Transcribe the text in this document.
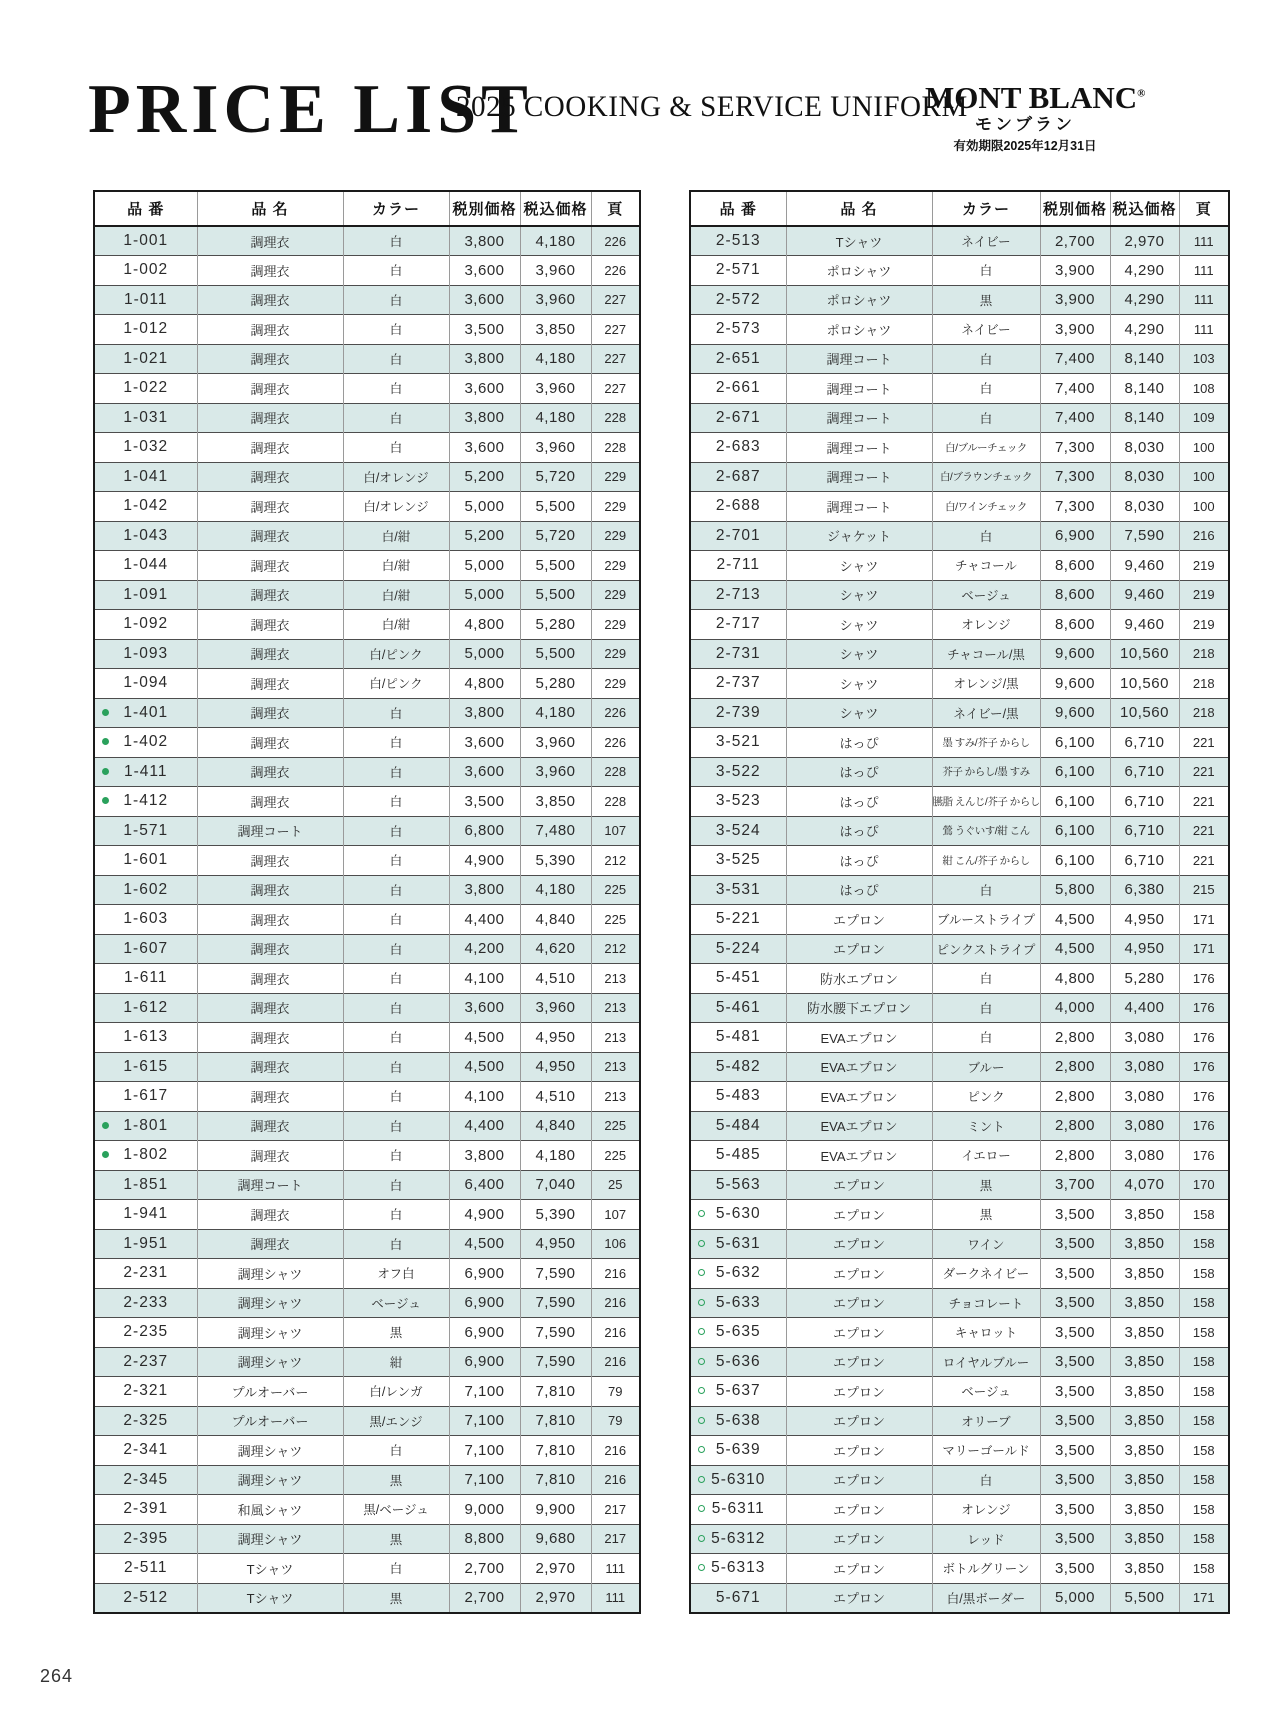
PRICE LIST
2025 COOKING & SERVICE UNIFORM
MONT BLANC®
モンブラン
有効期限2025年12月31日
品 番	品 名	カラー	税別価格	税込価格	頁
1-001	調理衣	白	3,800	4,180	226
1-002	調理衣	白	3,600	3,960	226
1-011	調理衣	白	3,600	3,960	227
1-012	調理衣	白	3,500	3,850	227
1-021	調理衣	白	3,800	4,180	227
1-022	調理衣	白	3,600	3,960	227
1-031	調理衣	白	3,800	4,180	228
1-032	調理衣	白	3,600	3,960	228
1-041	調理衣	白/オレンジ	5,200	5,720	229
1-042	調理衣	白/オレンジ	5,000	5,500	229
1-043	調理衣	白/紺	5,200	5,720	229
1-044	調理衣	白/紺	5,000	5,500	229
1-091	調理衣	白/紺	5,000	5,500	229
1-092	調理衣	白/紺	4,800	5,280	229
1-093	調理衣	白/ピンク	5,000	5,500	229
1-094	調理衣	白/ピンク	4,800	5,280	229

1-401	調理衣	白	3,800	4,180	226

1-402	調理衣	白	3,600	3,960	226

1-411	調理衣	白	3,600	3,960	228

1-412	調理衣	白	3,500	3,850	228
1-571	調理コート	白	6,800	7,480	107
1-601	調理衣	白	4,900	5,390	212
1-602	調理衣	白	3,800	4,180	225
1-603	調理衣	白	4,400	4,840	225
1-607	調理衣	白	4,200	4,620	212
1-611	調理衣	白	4,100	4,510	213
1-612	調理衣	白	3,600	3,960	213
1-613	調理衣	白	4,500	4,950	213
1-615	調理衣	白	4,500	4,950	213
1-617	調理衣	白	4,100	4,510	213

1-801	調理衣	白	4,400	4,840	225

1-802	調理衣	白	3,800	4,180	225
1-851	調理コート	白	6,400	7,040	25
1-941	調理衣	白	4,900	5,390	107
1-951	調理衣	白	4,500	4,950	106
2-231	調理シャツ	オフ白	6,900	7,590	216
2-233	調理シャツ	ベージュ	6,900	7,590	216
2-235	調理シャツ	黒	6,900	7,590	216
2-237	調理シャツ	紺	6,900	7,590	216
2-321	プルオーバー	白/レンガ	7,100	7,810	79
2-325	プルオーバー	黒/エンジ	7,100	7,810	79
2-341	調理シャツ	白	7,100	7,810	216
2-345	調理シャツ	黒	7,100	7,810	216
2-391	和風シャツ	黒/ベージュ	9,000	9,900	217
2-395	調理シャツ	黒	8,800	9,680	217
2-511	Tシャツ	白	2,700	2,970	111
2-512	Tシャツ	黒	2,700	2,970	111
品 番	品 名	カラー	税別価格	税込価格	頁
2-513	Tシャツ	ネイビー	2,700	2,970	111
2-571	ポロシャツ	白	3,900	4,290	111
2-572	ポロシャツ	黒	3,900	4,290	111
2-573	ポロシャツ	ネイビー	3,900	4,290	111
2-651	調理コート	白	7,400	8,140	103
2-661	調理コート	白	7,400	8,140	108
2-671	調理コート	白	7,400	8,140	109
2-683	調理コート	白/ブルーチェック	7,300	8,030	100
2-687	調理コート	白/ブラウンチェック	7,300	8,030	100
2-688	調理コート	白/ワインチェック	7,300	8,030	100
2-701	ジャケット	白	6,900	7,590	216
2-711	シャツ	チャコール	8,600	9,460	219
2-713	シャツ	ベージュ	8,600	9,460	219
2-717	シャツ	オレンジ	8,600	9,460	219
2-731	シャツ	チャコール/黒	9,600	10,560	218
2-737	シャツ	オレンジ/黒	9,600	10,560	218
2-739	シャツ	ネイビー/黒	9,600	10,560	218
3-521	はっぴ	墨 すみ/芥子 からし	6,100	6,710	221
3-522	はっぴ	芥子 からし/墨 すみ	6,100	6,710	221
3-523	はっぴ	臙脂 えんじ/芥子 からし	6,100	6,710	221
3-524	はっぴ	鶯 うぐいす/紺 こん	6,100	6,710	221
3-525	はっぴ	紺 こん/芥子 からし	6,100	6,710	221
3-531	はっぴ	白	5,800	6,380	215
5-221	エプロン	ブルーストライプ	4,500	4,950	171
5-224	エプロン	ピンクストライプ	4,500	4,950	171
5-451	防水エプロン	白	4,800	5,280	176
5-461	防水腰下エプロン	白	4,000	4,400	176
5-481	EVAエプロン	白	2,800	3,080	176
5-482	EVAエプロン	ブルー	2,800	3,080	176
5-483	EVAエプロン	ピンク	2,800	3,080	176
5-484	EVAエプロン	ミント	2,800	3,080	176
5-485	EVAエプロン	イエロー	2,800	3,080	176
5-563	エプロン	黒	3,700	4,070	170

5-630	エプロン	黒	3,500	3,850	158

5-631	エプロン	ワイン	3,500	3,850	158

5-632	エプロン	ダークネイビー	3,500	3,850	158

5-633	エプロン	チョコレート	3,500	3,850	158

5-635	エプロン	キャロット	3,500	3,850	158

5-636	エプロン	ロイヤルブルー	3,500	3,850	158

5-637	エプロン	ベージュ	3,500	3,850	158

5-638	エプロン	オリーブ	3,500	3,850	158

5-639	エプロン	マリーゴールド	3,500	3,850	158

5-6310	エプロン	白	3,500	3,850	158

5-6311	エプロン	オレンジ	3,500	3,850	158

5-6312	エプロン	レッド	3,500	3,850	158

5-6313	エプロン	ボトルグリーン	3,500	3,850	158
5-671	エプロン	白/黒ボーダー	5,000	5,500	171
264
